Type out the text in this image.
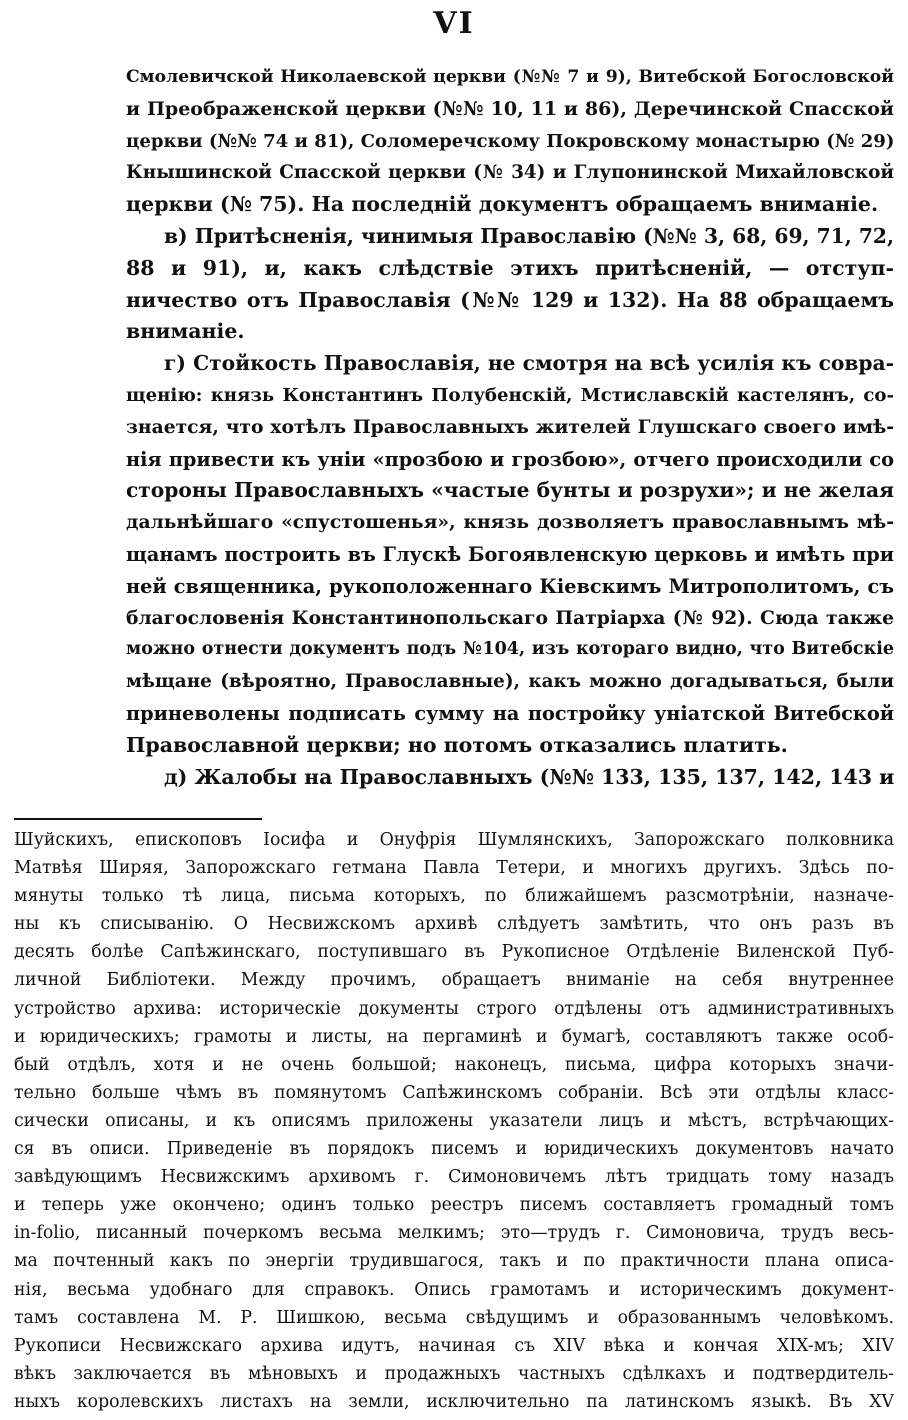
VI
Смолевичской Николаевской церкви (№№ 7 и 9), Витебской Богословской
и Преображенской церкви (№№ 10, 11 и 86), Деречинской Спасской
церкви (№№ 74 и 81), Соломеречскому Покровскому монастырю (№ 29)
Кнышинской Спасской церкви (№ 34) и Глупонинской Михайловской
церкви (№ 75). На последній документъ обращаемъ вниманіе.
в) Притѣсненія, чинимыя Православію (№№ 3, 68, 69, 71, 72,
88 и 91), и, какъ слѣдствіе этихъ притѣсненій, — отступ-
ничество отъ Православія (№№ 129 и 132). На 88 обращаемъ
вниманіе.
г) Стойкость Православія, не смотря на всѣ усилія къ совра-
щенію: князь Константинъ Полубенскій, Мстиславскій кастелянъ, со-
знается, что хотѣлъ Православныхъ жителей Глушскаго своего имѣ-
нія привести къ уніи «прозбою и грозбою», отчего происходили со
стороны Православныхъ «частые бунты и розрухи»; и не желая
дальнѣйшаго «спустошенья», князь дозволяетъ православнымъ мѣ-
щанамъ построить въ Глускѣ Богоявленскую церковь и имѣть при
ней священника, рукоположеннаго Кіевскимъ Митрополитомъ, съ
благословенія Константинопольскаго Патріарха (№ 92). Сюда также
можно отнести документъ подъ №104, изъ котораго видно, что Витебскіе
мѣщане (вѣроятно, Православные), какъ можно догадываться, были
приневолены подписать сумму на постройку уніатской Витебской
Православной церкви; но потомъ отказались платить.
д) Жалобы на Православныхъ (№№ 133, 135, 137, 142, 143 и
Шуйскихъ, епископовъ Іосифа и Онуфрія Шумлянскихъ, Запорожскаго полковника
Матвѣя Ширяя, Запорожскаго гетмана Павла Тетери, и многихъ другихъ. Здѣсь по-
мянуты только тѣ лица, письма которыхъ, по ближайшемъ разсмотрѣніи, назначе-
ны къ списыванію. О Несвижскомъ архивѣ слѣдуетъ замѣтить, что онъ разъ въ
десять болѣе Сапѣжинскаго, поступившаго въ Рукописное Отдѣленіе Виленской Пуб-
личной Библіотеки. Между прочимъ, обращаетъ вниманіе на себя внутреннее
устройство архива: историческіе документы строго отдѣлены отъ административныхъ
и юридическихъ; грамоты и листы, на пергаминѣ и бумагѣ, составляютъ также особ-
бый отдѣлъ, хотя и не очень большой; наконецъ, письма, цифра которыхъ значи-
тельно больше чѣмъ въ помянутомъ Сапѣжинскомъ собраніи. Всѣ эти отдѣлы класс-
сически описаны, и къ описямъ приложены указатели лицъ и мѣстъ, встрѣчающих-
ся въ описи. Приведеніе въ порядокъ писемъ и юридическихъ документовъ начато
завѣдующимъ Несвижскимъ архивомъ г. Симоновичемъ лѣтъ тридцать тому назадъ
и теперь уже окончено; одинъ только реестръ писемъ составляетъ громадный томъ
in-folio, писанный почеркомъ весьма мелкимъ; это—трудъ г. Симоновича, трудъ весь-
ма почтенный какъ по энергіи трудившагося, такъ и по практичности плана описа-
нія, весьма удобнаго для справокъ. Опись грамотамъ и историческимъ документ-
тамъ составлена М. Р. Шишкою, весьма свѣдущимъ и образованнымъ человѣкомъ.
Рукописи Несвижскаго архива идутъ, начиная съ XIV вѣка и кончая XIX-мъ; XIV
вѣкъ заключается въ мѣновыхъ и продажныхъ частныхъ сдѣлкахъ и подтвердитель-
ныхъ королевскихъ листахъ на земли, исключительно па латинскомъ языкѣ. Въ XV
